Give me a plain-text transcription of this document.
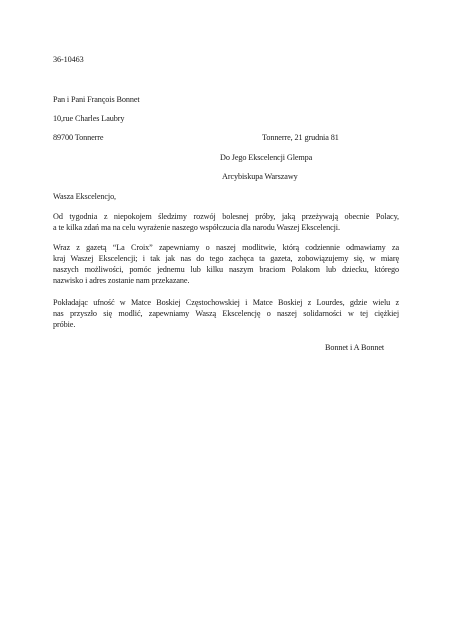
36-10463
Pan i Pani François Bonnet
10,rue Charles Laubry
89700 Tonnerre	Tonnerre, 21 grudnia 81
Do Jego Ekscelencji Glempa
Arcybiskupa Warszawy
Wasza Ekscelencjo,
Od tygodnia z niepokojem śledzimy rozwój bolesnej próby, jaką przeżywają obecnie Polacy,
a te kilka zdań ma na celu wyrażenie naszego współczucia dla narodu Waszej Ekscelencji.
Wraz z gazetą “La Croix” zapewniamy o naszej modlitwie, którą codziennie odmawiamy za
kraj Waszej Ekscelencji; i tak jak nas do tego zachęca ta gazeta, zobowiązujemy się, w miarę
naszych możliwości, pomóc jednemu lub kilku naszym braciom Polakom lub dziecku, którego
nazwisko i adres zostanie nam przekazane.
Pokładając ufność w Matce Boskiej Częstochowskiej i Matce Boskiej z Lourdes, gdzie wielu z
nas przyszło się modlić, zapewniamy Waszą Ekscelencję o naszej solidarności w tej ciężkiej
próbie.
Bonnet i A Bonnet
